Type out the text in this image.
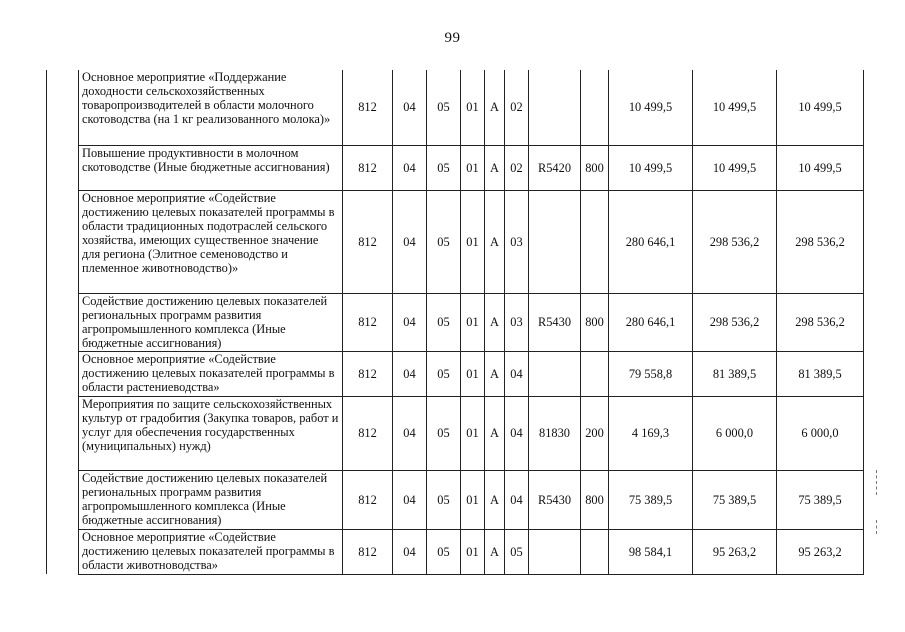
99
	Основное мероприятие «Поддержание доходности сельскохозяйственных товаропроизводителей в области молочного скотоводства (на 1 кг реализованного молока)»	812	04	05	01	А	02			10 499,5	10 499,5	10 499,5
	Повышение продуктивности в молочном скотоводстве (Иные бюджетные ассигнования)	812	04	05	01	А	02	R5420	800	10 499,5	10 499,5	10 499,5
	Основное мероприятие «Содействие достижению целевых показателей программы в области традиционных подотраслей сельского хозяйства, имеющих существенное значение для региона (Элитное семеноводство и племенное животноводство)»	812	04	05	01	А	03			280 646,1	298 536,2	298 536,2
	Содействие достижению целевых показателей региональных программ развития агропромышленного комплекса (Иные бюджетные ассигнования)	812	04	05	01	А	03	R5430	800	280 646,1	298 536,2	298 536,2
	Основное мероприятие «Содействие достижению целевых показателей программы в области растениеводства»	812	04	05	01	А	04			79 558,8	81 389,5	81 389,5
	Мероприятия по защите сельскохозяйственных культур от градобития (Закупка товаров, работ и услуг для обеспечения государственных (муниципальных) нужд)	812	04	05	01	А	04	81830	200	4 169,3	6 000,0	6 000,0
	Содействие достижению целевых показателей региональных программ развития агропромышленного комплекса (Иные бюджетные ассигнования)	812	04	05	01	А	04	R5430	800	75 389,5	75 389,5	75 389,5
	Основное мероприятие «Содействие достижению целевых показателей программы в области животноводства»	812	04	05	01	А	05			98 584,1	95 263,2	95 263,2
